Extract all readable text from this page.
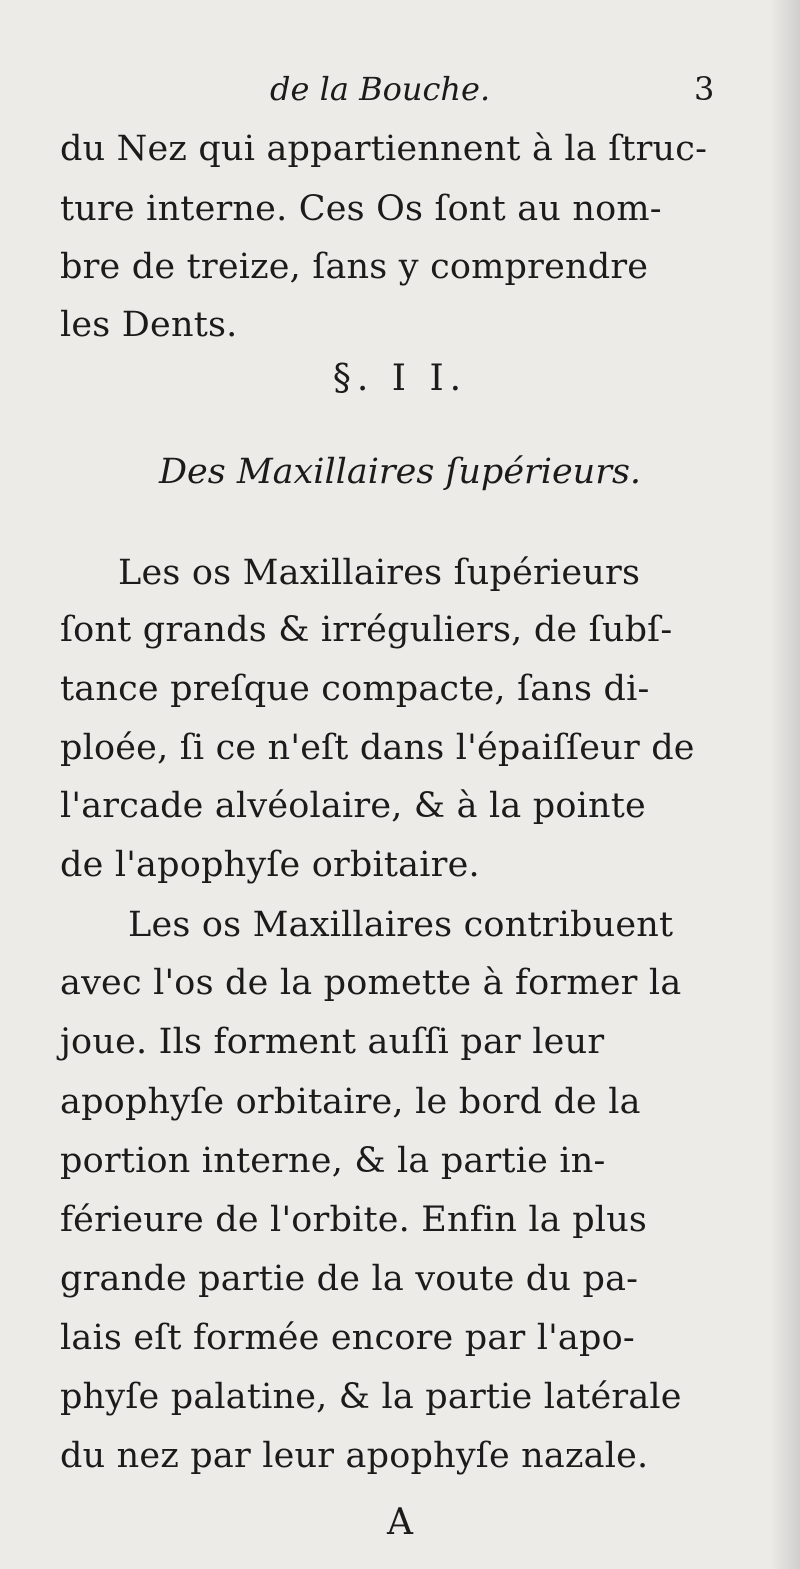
de la Bouche.	3
du Nez qui appartiennent à la ſtruc-
ture interne. Ces Os ſont au nom-
bre de treize, ſans y comprendre
les Dents.
§. I I.
Des Maxillaires ſupérieurs.
Les os Maxillaires ſupérieurs
ſont grands & irréguliers, de ſubſ-
tance preſque compacte, ſans di-
ploée, ſi ce n'eſt dans l'épaiſſeur de
l'arcade alvéolaire, & à la pointe
de l'apophyſe orbitaire.
Les os Maxillaires contribuent
avec l'os de la pomette à former la
joue. Ils forment auſſi par leur
apophyſe orbitaire, le bord de la
portion interne, & la partie in-
férieure de l'orbite. Enfin la plus
grande partie de la voute du pa-
lais eſt formée encore par l'apo-
phyſe palatine, & la partie latérale
du nez par leur apophyſe nazale.
A
